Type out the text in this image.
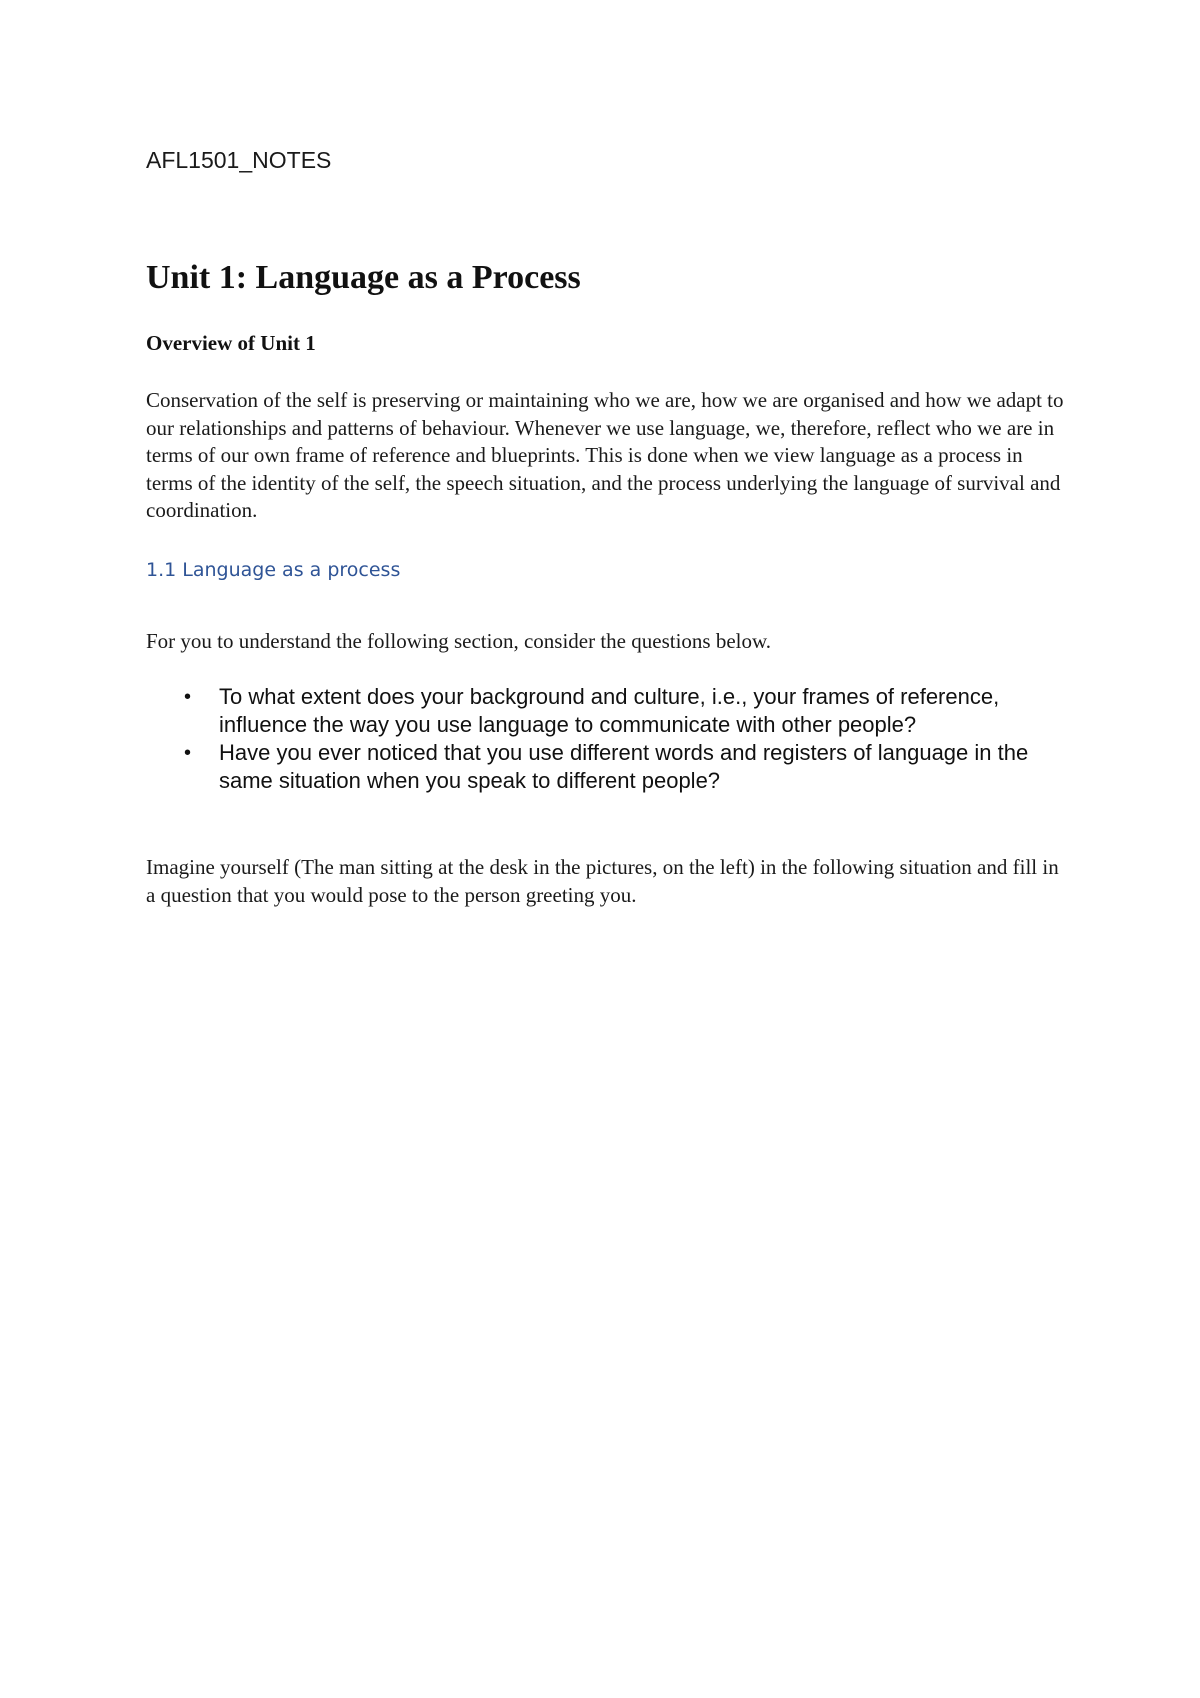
AFL1501_NOTES
Unit 1: Language as a Process
Overview of Unit 1

Conservation of the self is preserving or maintaining who we are, how we are organised and how we adapt to our relationships and patterns of behaviour. Whenever we use language, we, therefore, reflect who we are in terms of our own frame of reference and blueprints. This is done when we view language as a process in terms of the identity of the self, the speech situation, and the process underlying the language of survival and coordination.

1.1 Language as a process

For you to understand the following section, consider the questions below.

• To what extent does your background and culture, i.e., your frames of reference, influence the way you use language to communicate with other people?
• Have you ever noticed that you use different words and registers of language in the same situation when you speak to different people?

Imagine yourself (The man sitting at the desk in the pictures, on the left) in the following situation and fill in a question that you would pose to the person greeting you.
